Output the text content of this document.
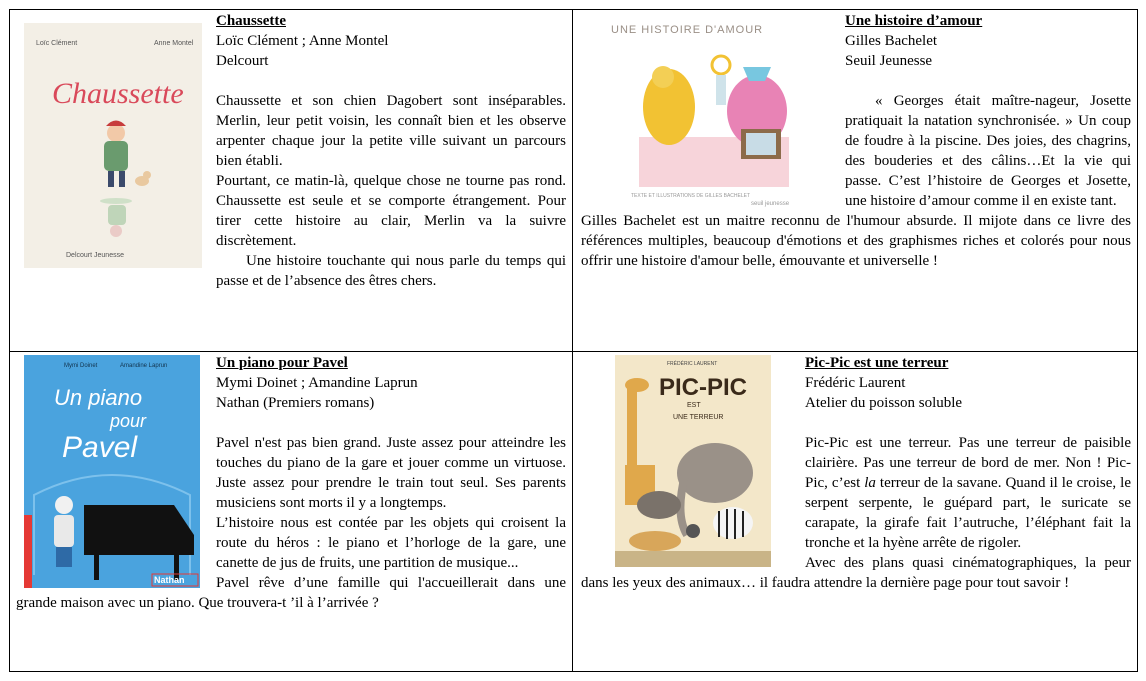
Loïc Clément	Anne Montel
Chaussette
Delcourt Jeunesse
Chaussette
Loïc Clément ; Anne Montel
Delcourt

Chaussette et son chien Dagobert sont inséparables. Merlin, leur petit voisin, les connaît bien et les observe arpenter chaque jour la petite ville suivant un parcours bien établi.

Pourtant, ce matin-là, quelque chose ne tourne pas rond. Chaussette est seule et se comporte étrangement. Pour tirer cette histoire au clair, Merlin va la suivre discrètement.

Une histoire touchante qui nous parle du temps qui passe et de l’absence des êtres chers.

UNE HISTOIRE D'AMOUR
TEXTE ET ILLUSTRATIONS DE GILLES BACHELET
seuil jeunesse
Une histoire d’amour
Gilles Bachelet
Seuil Jeunesse

« Georges était maître-nageur, Josette pratiquait la natation synchronisée. » Un coup de foudre à la piscine. Des joies, des chagrins, des bouderies et des câlins…Et la vie qui passe. C’est l’histoire de Georges et Josette, une histoire d’amour comme il en existe tant.

Gilles Bachelet est un maitre reconnu de l'humour absurde. Il mijote dans ce livre des références multiples, beaucoup d'émotions et des graphismes riches et colorés pour nous offrir une histoire d'amour belle, émouvante et universelle !

Mymi Doinet	Amandine Laprun
Un piano
pour
Pavel
Nathan
Un piano pour Pavel
Mymi Doinet ; Amandine Laprun
Nathan (Premiers romans)

Pavel n'est pas bien grand. Juste assez pour atteindre les touches du piano de la gare et jouer comme un virtuose. Juste assez pour prendre le train tout seul. Ses parents musiciens sont morts il y a longtemps.

L’histoire nous est contée par les objets qui croisent la route du héros : le piano et l’horloge de la gare, une canette de jus de fruits, une partition de musique...

Pavel rêve d’une famille qui l'accueillerait dans une grande maison avec un piano. Que trouvera-t ’il à l’arrivée ?

FRÉDÉRIC LAURENT
PIC-PIC
EST
UNE TERREUR
Pic-Pic est une terreur
Frédéric Laurent
Atelier du poisson soluble

Pic-Pic est une terreur. Pas une terreur de paisible clairière. Pas une terreur de bord de mer. Non ! Pic-Pic, c’est la terreur de la savane. Quand il le croise, le serpent serpente, le guépard part, le suricate se carapate, la girafe fait l’autruche, l’éléphant fait la tronche et la hyène arrête de rigoler.

Avec des plans quasi cinématographiques, la peur dans les yeux des animaux… il faudra attendre la dernière page pour tout savoir !
